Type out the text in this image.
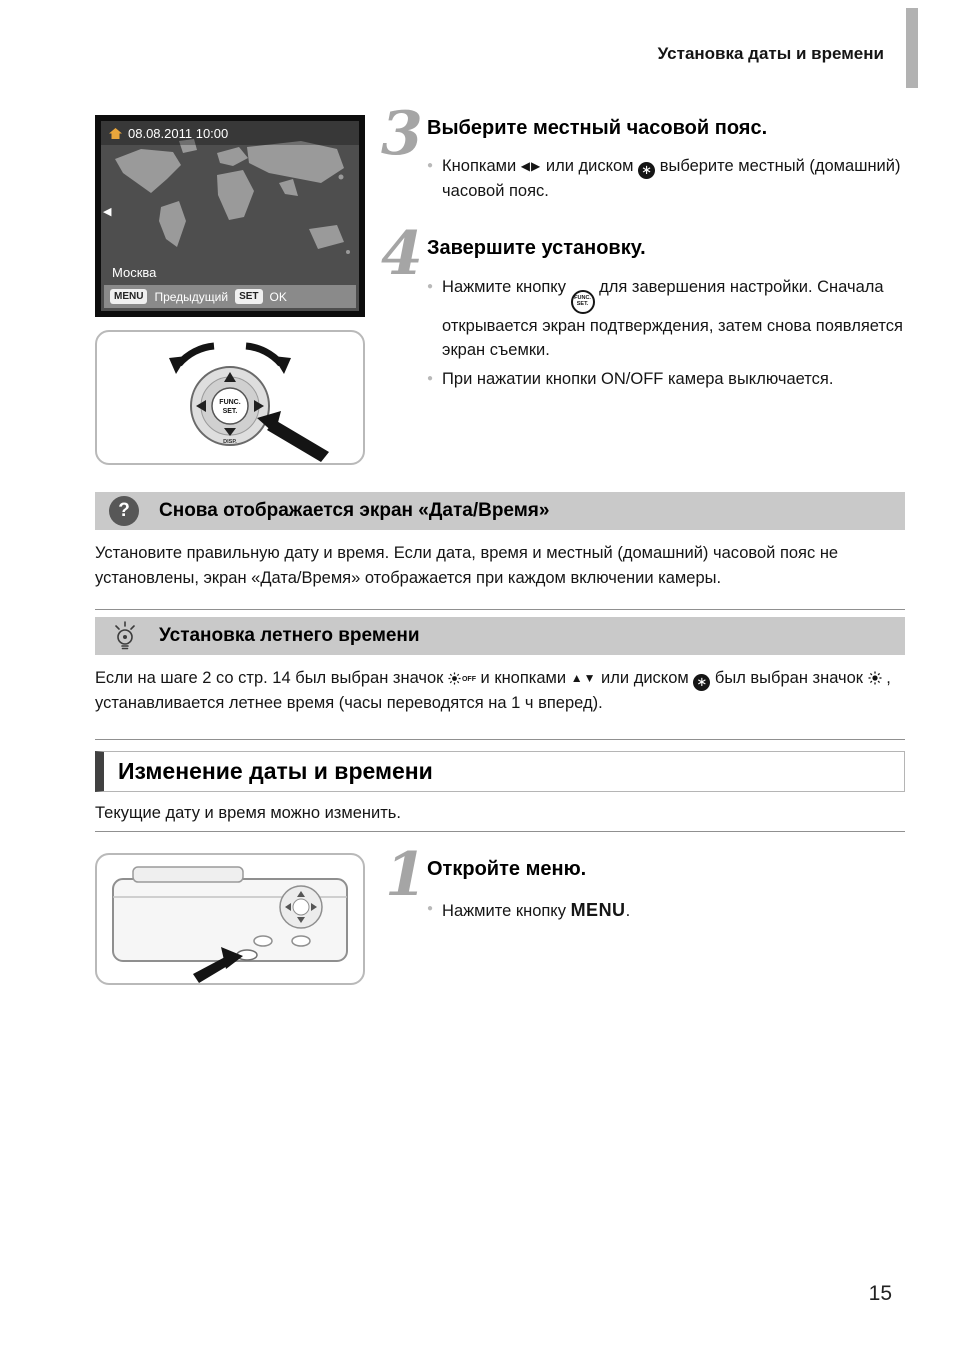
Установка даты и времени
08.08.2011 10:00
◀
Москва
MENU Предыдущий	SET OK
3 Выберите местный часовой пояс.
● Кнопками ◀▶ или диском ∗ выберите местный (домашний) часовой пояс.
4 Завершите установку.
● Нажмите кнопку
FUNC.
SET.
для завершения настройки. Сначала открывается экран подтверждения, затем снова появляется экран съемки.
● При нажатии кнопки ON/OFF камера выключается.
FUNC.
SET.
DISP.
? Снова отображается экран «Дата/Время»
Установите правильную дату и время. Если дата, время и местный (домашний) часовой пояс не установлены, экран «Дата/Время» отображается при каждом включении камеры.
Установка летнего времени
Если на шаге 2 со стр. 14 был выбран значок OFF и кнопками ▲▼ или диском ∗ был выбран значок
, устанавливается летнее время (часы переводятся на 1 ч вперед).
Изменение даты и времени
Текущие дату и время можно изменить.
1 Откройте меню.
● Нажмите кнопку MENU.
15
